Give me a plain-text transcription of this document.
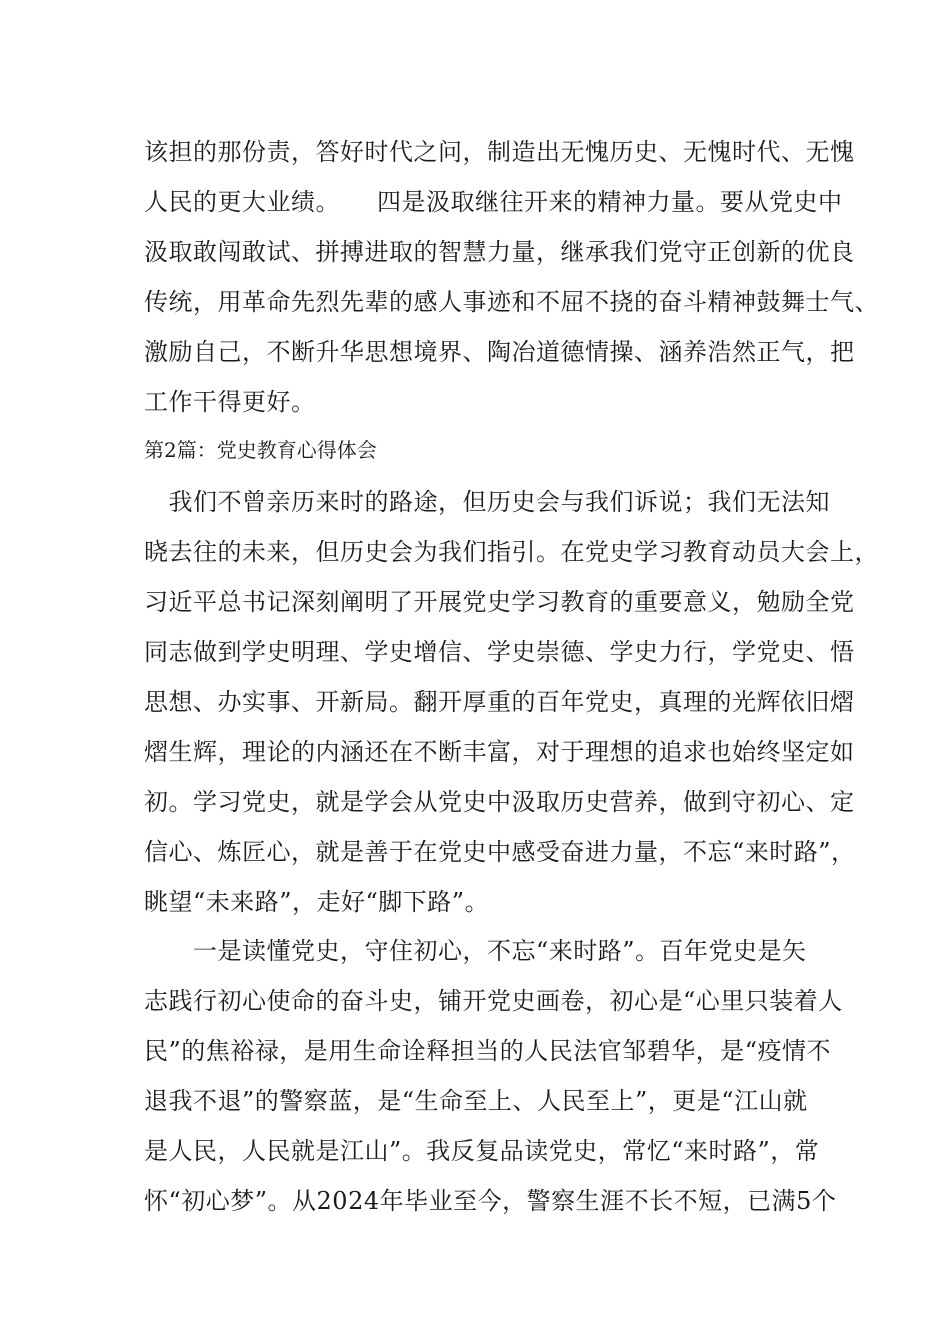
该担的那份责，答好时代之问，制造出无愧历史、无愧时代、无愧
人民的更大业绩。　　四是汲取继往开来的精神力量。要从党史中
汲取敢闯敢试、拼搏进取的智慧力量，继承我们党守正创新的优良
传统，用革命先烈先辈的感人事迹和不屈不挠的奋斗精神鼓舞士气、
激励自己，不断升华思想境界、陶冶道德情操、涵养浩然正气，把
工作干得更好。
第2篇：党史教育心得体会
　我们不曾亲历来时的路途，但历史会与我们诉说；我们无法知
晓去往的未来，但历史会为我们指引。在党史学习教育动员大会上，
习近平总书记深刻阐明了开展党史学习教育的重要意义，勉励全党
同志做到学史明理、学史增信、学史崇德、学史力行，学党史、悟
思想、办实事、开新局。翻开厚重的百年党史，真理的光辉依旧熠
熠生辉，理论的内涵还在不断丰富，对于理想的追求也始终坚定如
初。学习党史，就是学会从党史中汲取历史营养，做到守初心、定
信心、炼匠心，就是善于在党史中感受奋进力量，不忘“来时路”，
眺望“未来路”，走好“脚下路”。
　　一是读懂党史，守住初心，不忘“来时路”。百年党史是矢
志践行初心使命的奋斗史，铺开党史画卷，初心是“心里只装着人
民”的焦裕禄，是用生命诠释担当的人民法官邹碧华，是“疫情不
退我不退”的警察蓝，是“生命至上、人民至上”，更是“江山就
是人民，人民就是江山”。我反复品读党史，常忆“来时路”，常
怀“初心梦”。从2024年毕业至今，警察生涯不长不短，已满5个
